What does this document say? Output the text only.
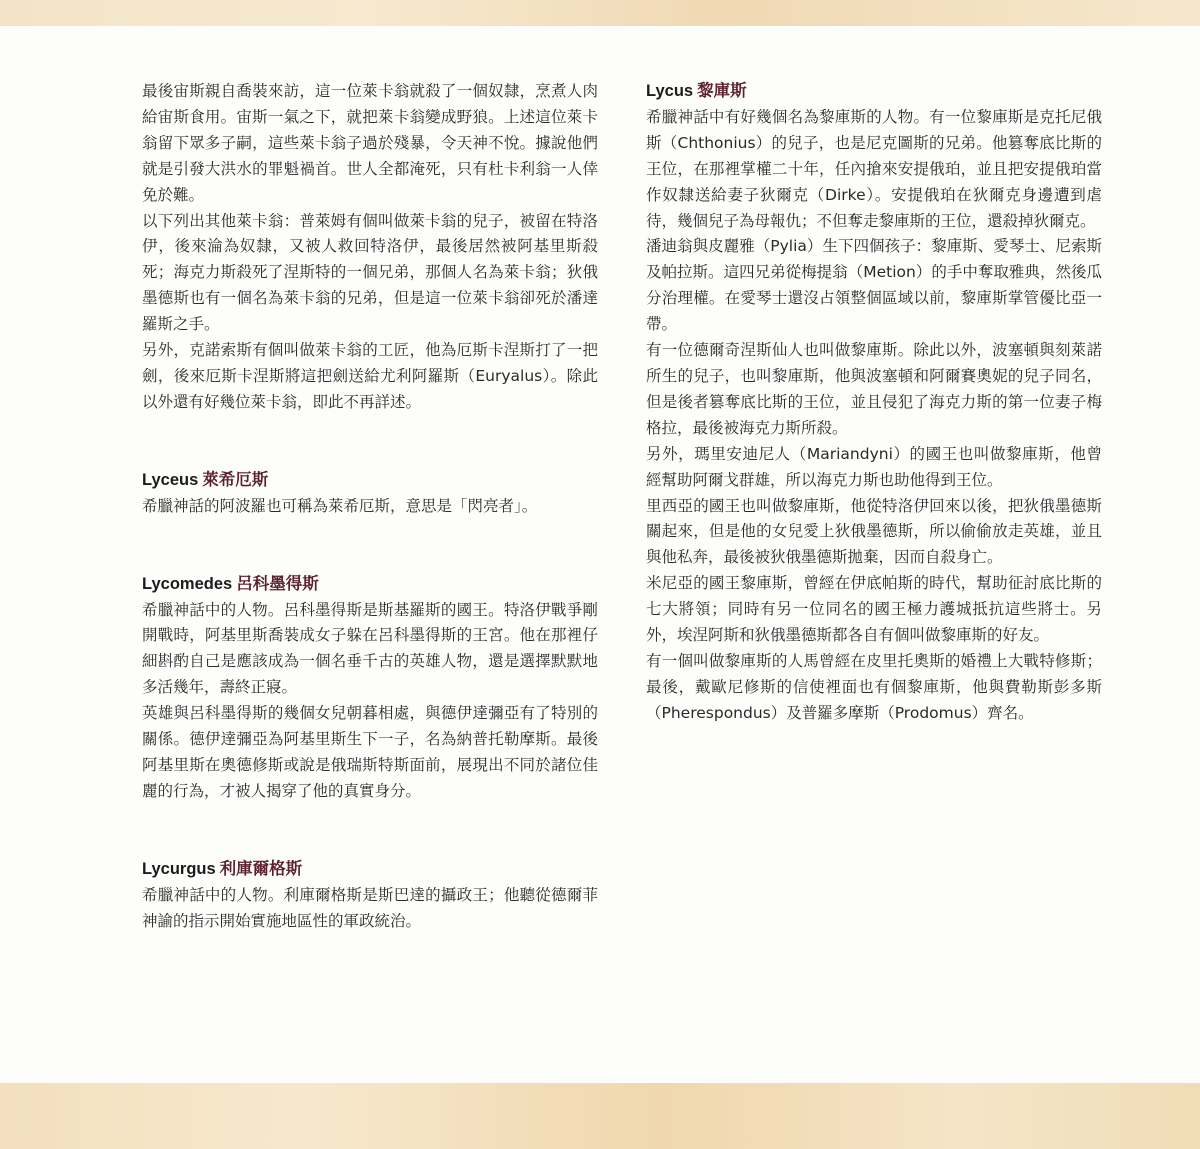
最後宙斯親自喬裝來訪，這一位萊卡翁就殺了一個奴隸，烹煮人肉給宙斯食用。宙斯一氣之下，就把萊卡翁變成野狼。上述這位萊卡翁留下眾多子嗣，這些萊卡翁子過於殘暴，令天神不悅。據說他們就是引發大洪水的罪魁禍首。世人全都淹死，只有杜卡利翁一人倖免於難。

以下列出其他萊卡翁：普萊姆有個叫做萊卡翁的兒子，被留在特洛伊，後來淪為奴隸，又被人救回特洛伊，最後居然被阿基里斯殺死；海克力斯殺死了涅斯特的一個兄弟，那個人名為萊卡翁；狄俄墨德斯也有一個名為萊卡翁的兄弟，但是這一位萊卡翁卻死於潘達羅斯之手。

另外，克諾索斯有個叫做萊卡翁的工匠，他為厄斯卡涅斯打了一把劍，後來厄斯卡涅斯將這把劍送給尤利阿羅斯（Euryalus）。除此以外還有好幾位萊卡翁，即此不再詳述。

Lyceus 萊希厄斯

希臘神話的阿波羅也可稱為萊希厄斯，意思是「閃亮者」。

Lycomedes 呂科墨得斯

希臘神話中的人物。呂科墨得斯是斯基羅斯的國王。特洛伊戰爭剛開戰時，阿基里斯喬裝成女子躲在呂科墨得斯的王宮。他在那裡仔細斟酌自己是應該成為一個名垂千古的英雄人物，還是選擇默默地多活幾年，壽終正寢。

英雄與呂科墨得斯的幾個女兒朝暮相處，與德伊達彌亞有了特別的關係。德伊達彌亞為阿基里斯生下一子，名為納普托勒摩斯。最後阿基里斯在奧德修斯或說是俄瑞斯特斯面前，展現出不同於諸位佳麗的行為，才被人揭穿了他的真實身分。

Lycurgus 利庫爾格斯

希臘神話中的人物。利庫爾格斯是斯巴達的攝政王；他聽從德爾菲神諭的指示開始實施地區性的軍政統治。

Lycus 黎庫斯

希臘神話中有好幾個名為黎庫斯的人物。有一位黎庫斯是克托尼俄斯（Chthonius）的兒子，也是尼克圖斯的兄弟。他篡奪底比斯的王位，在那裡掌權二十年，任內搶來安提俄珀，並且把安提俄珀當作奴隸送給妻子狄爾克（Dirke）。安提俄珀在狄爾克身邊遭到虐待，幾個兒子為母報仇；不但奪走黎庫斯的王位，還殺掉狄爾克。

潘迪翁與皮麗雅（Pylia）生下四個孩子：黎庫斯、愛琴士、尼索斯及帕拉斯。這四兄弟從梅提翁（Metion）的手中奪取雅典，然後瓜分治理權。在愛琴士還沒占領整個區域以前，黎庫斯掌管優比亞一帶。

有一位德爾奇涅斯仙人也叫做黎庫斯。除此以外，波塞頓與刻萊諾所生的兒子，也叫黎庫斯，他與波塞頓和阿爾賽奧妮的兒子同名，但是後者篡奪底比斯的王位，並且侵犯了海克力斯的第一位妻子梅格拉，最後被海克力斯所殺。

另外，瑪里安迪尼人（Mariandyni）的國王也叫做黎庫斯，他曾經幫助阿爾戈群雄，所以海克力斯也助他得到王位。

里西亞的國王也叫做黎庫斯，他從特洛伊回來以後，把狄俄墨德斯關起來，但是他的女兒愛上狄俄墨德斯，所以偷偷放走英雄，並且與他私奔，最後被狄俄墨德斯拋棄，因而自殺身亡。

米尼亞的國王黎庫斯，曾經在伊底帕斯的時代，幫助征討底比斯的七大將領；同時有另一位同名的國王極力護城抵抗這些將士。另外，埃涅阿斯和狄俄墨德斯都各自有個叫做黎庫斯的好友。

有一個叫做黎庫斯的人馬曾經在皮里托奧斯的婚禮上大戰特修斯；最後，戴歐尼修斯的信使裡面也有個黎庫斯，他與費勒斯彭多斯（Pherespondus）及普羅多摩斯（Prodomus）齊名。
